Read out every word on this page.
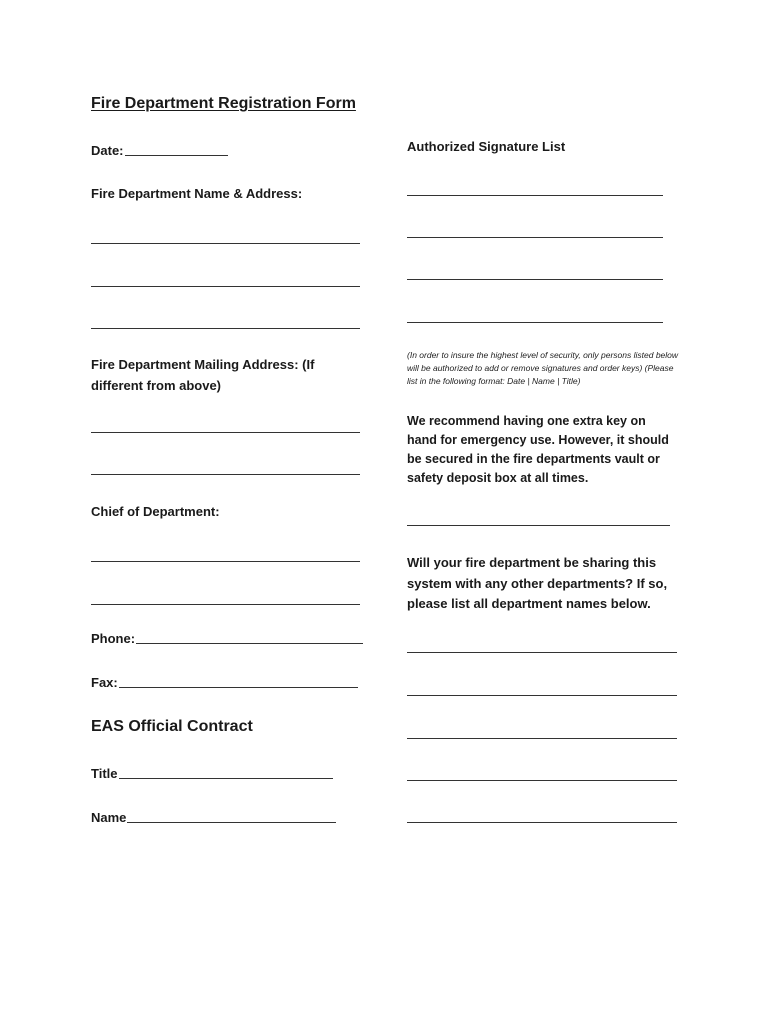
Fire Department Registration Form
Date:
Fire Department Name & Address:
Fire Department Mailing Address: (If different from above)
Chief of Department:
Phone:
Fax:
EAS Official Contract
Title
Name
Authorized Signature List
(In order to insure the highest level of security, only persons listed below will be authorized to add or remove signatures and order keys) (Please list in the following format: Date | Name | Title)
We recommend having one extra key on hand for emergency use. However, it should be secured in the fire departments vault or safety deposit box at all times.
Will your fire department be sharing this system with any other departments? If so, please list all department names below.
